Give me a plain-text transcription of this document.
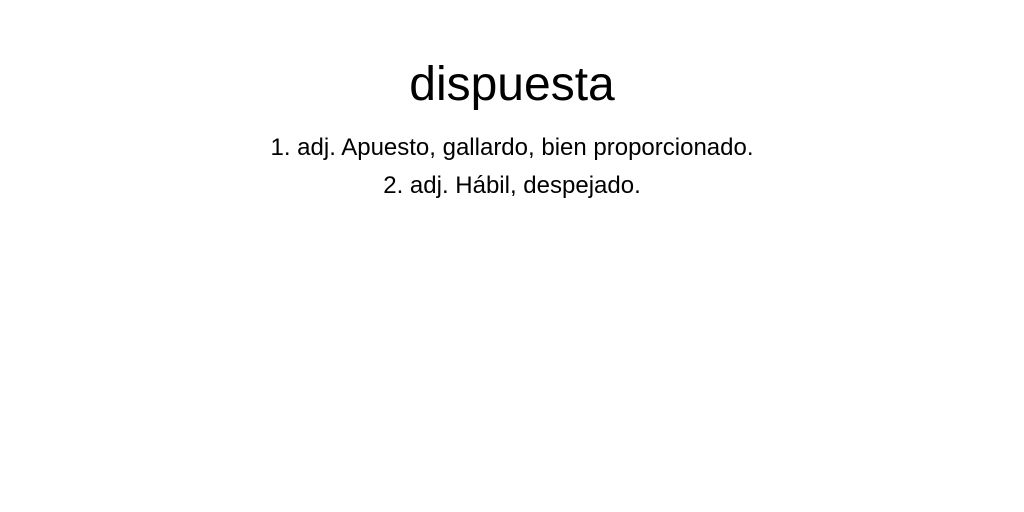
dispuesta
1. adj. Apuesto, gallardo, bien proporcionado.
2. adj. Hábil, despejado.
